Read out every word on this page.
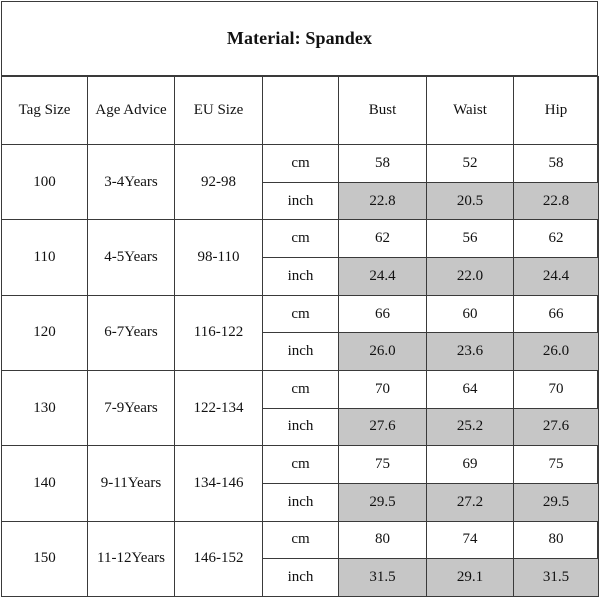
Material: Spandex
Tag Size	Age Advice	EU Size		Bust	Waist	Hip
100	3-4Years	92-98	cm	58	52	58
			inch	22.8	20.5	22.8
110	4-5Years	98-110	cm	62	56	62
			inch	24.4	22.0	24.4
120	6-7Years	116-122	cm	66	60	66
			inch	26.0	23.6	26.0
130	7-9Years	122-134	cm	70	64	70
			inch	27.6	25.2	27.6
140	9-11Years	134-146	cm	75	69	75
			inch	29.5	27.2	29.5
150	11-12Years	146-152	cm	80	74	80
			inch	31.5	29.1	31.5
